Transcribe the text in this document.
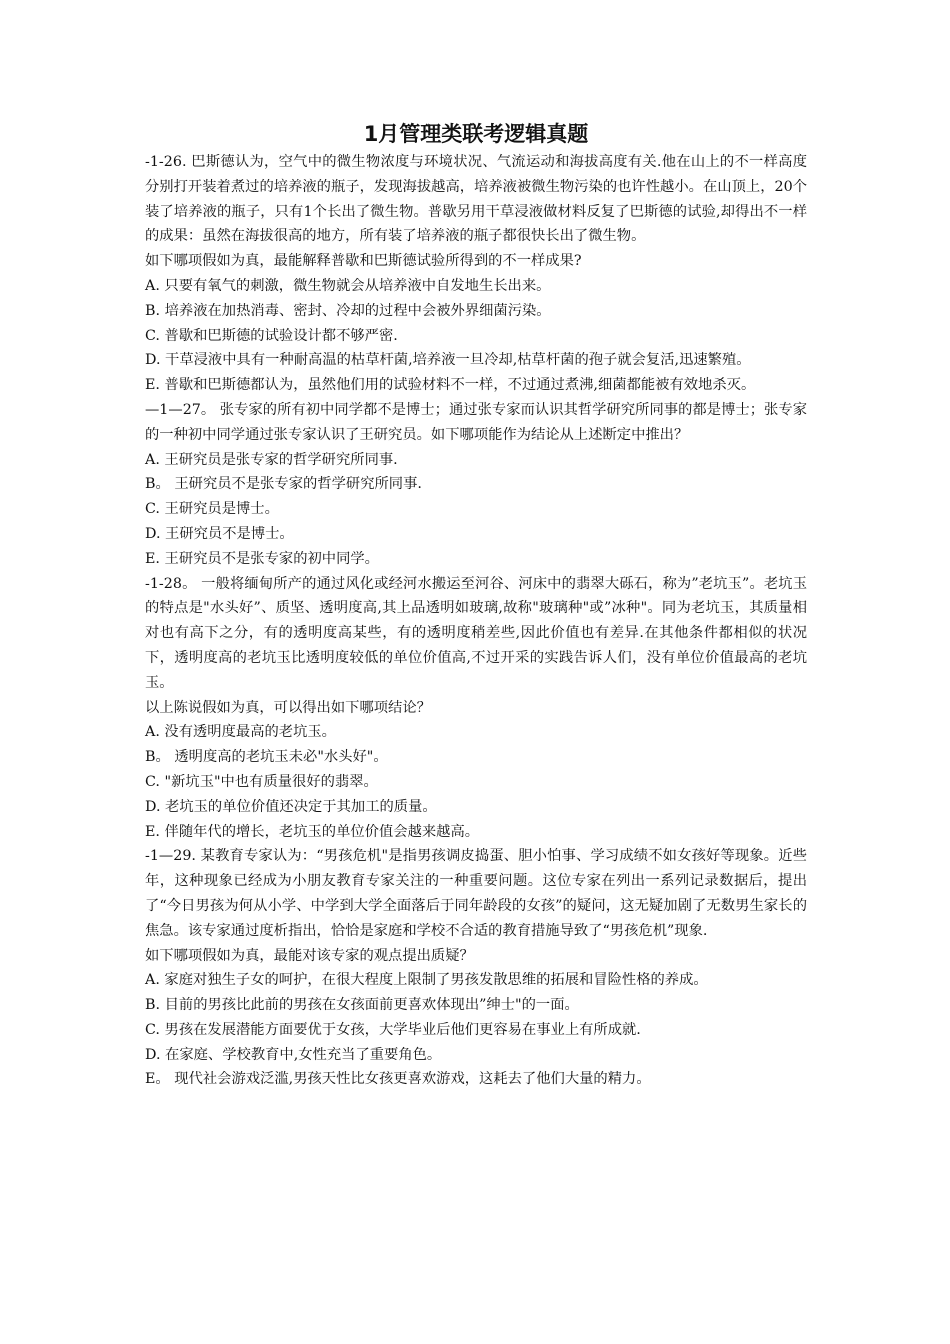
1月管理类联考逻辑真题

-1-26. 巴斯德认为，空气中的微生物浓度与环境状况、气流运动和海拔高度有关.他在山上的不一样高度分别打开装着煮过的培养液的瓶子，发现海拔越高，培养液被微生物污染的也许性越小。在山顶上，20个装了培养液的瓶子，只有1个长出了微生物。普歇另用干草浸液做材料反复了巴斯德的试验,却得出不一样的成果：虽然在海拔很高的地方，所有装了培养液的瓶子都很快长出了微生物。

如下哪项假如为真，最能解释普歇和巴斯德试验所得到的不一样成果?

A. 只要有氧气的刺激，微生物就会从培养液中自发地生长出来。

B. 培养液在加热消毒、密封、冷却的过程中会被外界细菌污染。

C. 普歇和巴斯德的试验设计都不够严密.

D. 干草浸液中具有一种耐高温的枯草杆菌,培养液一旦冷却,枯草杆菌的孢子就会复活,迅速繁殖。

E. 普歇和巴斯德都认为，虽然他们用的试验材料不一样，不过通过煮沸,细菌都能被有效地杀灭。

—1—27。 张专家的所有初中同学都不是博士；通过张专家而认识其哲学研究所同事的都是博士；张专家的一种初中同学通过张专家认识了王研究员。如下哪项能作为结论从上述断定中推出？

A. 王研究员是张专家的哲学研究所同事.

B。 王研究员不是张专家的哲学研究所同事.

C. 王研究员是博士。

D. 王研究员不是博士。

E. 王研究员不是张专家的初中同学。

-1-28。 一般将缅甸所产的通过风化或经河水搬运至河谷、河床中的翡翠大砾石，称为”老坑玉”。老坑玉的特点是"水头好”、质坚、透明度高,其上品透明如玻璃,故称"玻璃种"或”冰种"。同为老坑玉，其质量相对也有高下之分，有的透明度高某些，有的透明度稍差些,因此价值也有差异.在其他条件都相似的状况下，透明度高的老坑玉比透明度较低的单位价值高,不过开采的实践告诉人们，没有单位价值最高的老坑玉。

以上陈说假如为真，可以得出如下哪项结论？

A. 没有透明度最高的老坑玉。

B。 透明度高的老坑玉未必"水头好"。

C. "新坑玉"中也有质量很好的翡翠。

D. 老坑玉的单位价值还决定于其加工的质量。

E. 伴随年代的增长，老坑玉的单位价值会越来越高。

-1—29. 某教育专家认为：“男孩危机"是指男孩调皮捣蛋、胆小怕事、学习成绩不如女孩好等现象。近些年，这种现象已经成为小朋友教育专家关注的一种重要问题。这位专家在列出一系列记录数据后，提出了“今日男孩为何从小学、中学到大学全面落后于同年龄段的女孩”的疑问，这无疑加剧了无数男生家长的焦急。该专家通过度析指出，恰恰是家庭和学校不合适的教育措施导致了“男孩危机”现象.

如下哪项假如为真，最能对该专家的观点提出质疑？

A. 家庭对独生子女的呵护，在很大程度上限制了男孩发散思维的拓展和冒险性格的养成。

B. 目前的男孩比此前的男孩在女孩面前更喜欢体现出”绅士"的一面。

C. 男孩在发展潜能方面要优于女孩，大学毕业后他们更容易在事业上有所成就.

D. 在家庭、学校教育中,女性充当了重要角色。

E。 现代社会游戏泛滥,男孩天性比女孩更喜欢游戏，这耗去了他们大量的精力。
